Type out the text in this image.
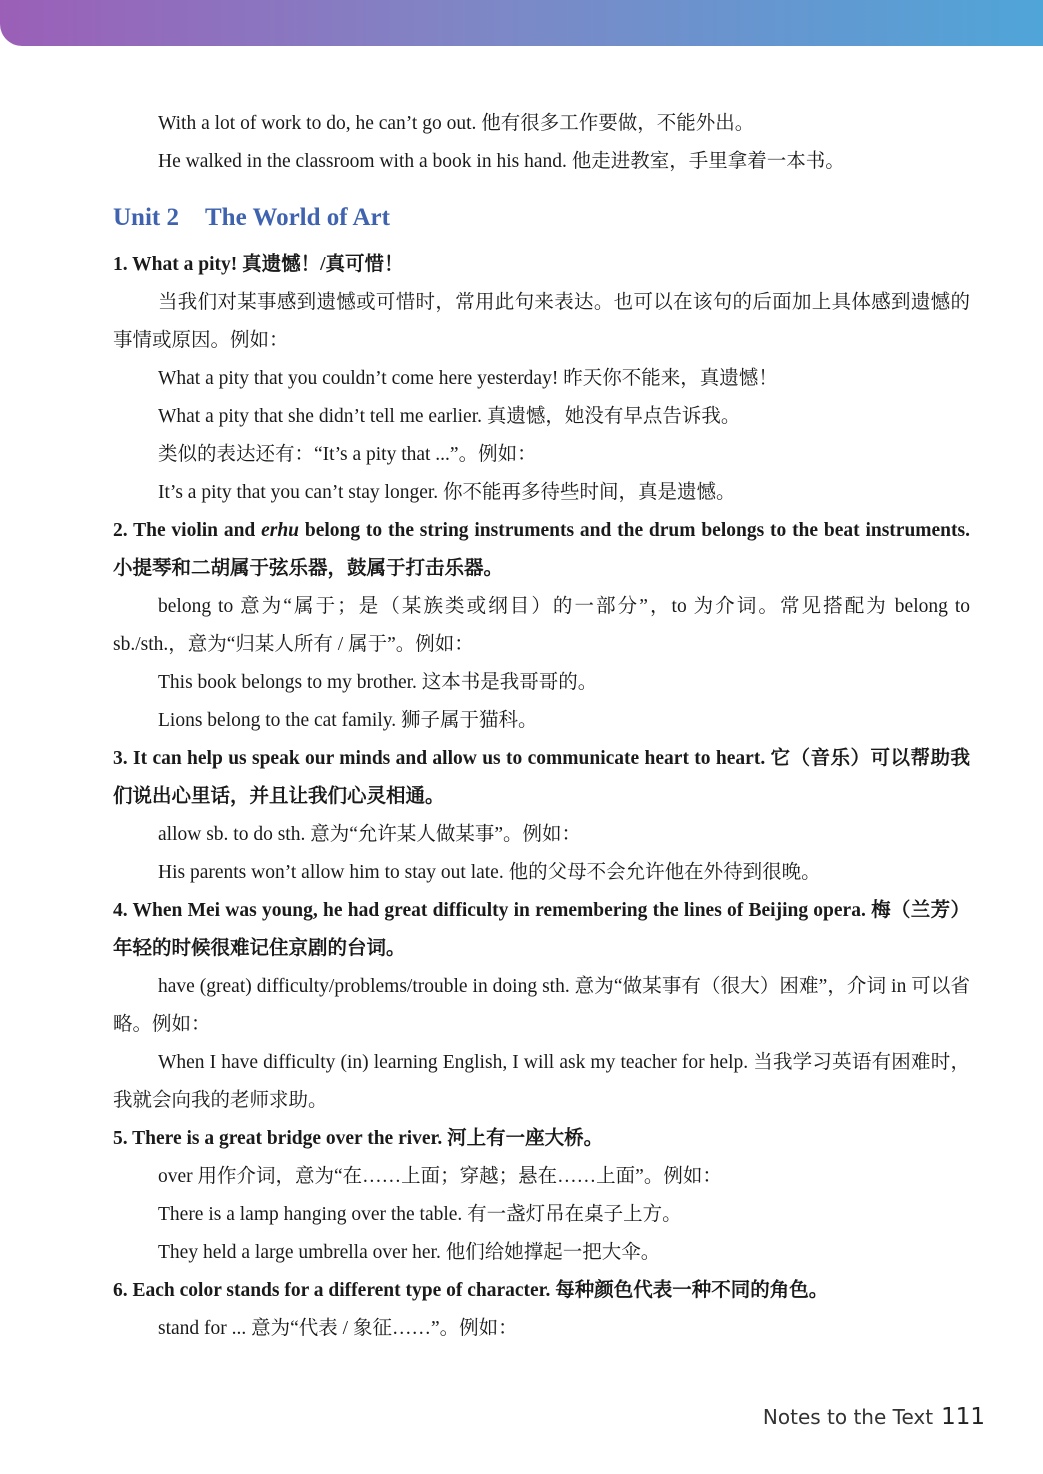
With a lot of work to do, he can’t go out. 他有很多工作要做，不能外出。

He walked in the classroom with a book in his hand. 他走进教室，手里拿着一本书。

Unit 2 The World of Art

1. What a pity! 真遗憾！/真可惜！

当我们对某事感到遗憾或可惜时，常用此句来表达。也可以在该句的后面加上具体感到遗憾的事情或原因。例如：

What a pity that you couldn’t come here yesterday! 昨天你不能来，真遗憾！

What a pity that she didn’t tell me earlier. 真遗憾，她没有早点告诉我。

类似的表达还有：“It’s a pity that ...”。例如：

It’s a pity that you can’t stay longer. 你不能再多待些时间，真是遗憾。

2. The violin and erhu belong to the string instruments and the drum belongs to the beat instruments. 小提琴和二胡属于弦乐器，鼓属于打击乐器。

belong to 意为“属于；是（某族类或纲目）的一部分”，to 为介词。常见搭配为 belong to sb./sth.，意为“归某人所有 / 属于”。例如：

This book belongs to my brother. 这本书是我哥哥的。

Lions belong to the cat family. 狮子属于猫科。

3. It can help us speak our minds and allow us to communicate heart to heart. 它（音乐）可以帮助我们说出心里话，并且让我们心灵相通。

allow sb. to do sth. 意为“允许某人做某事”。例如：

His parents won’t allow him to stay out late. 他的父母不会允许他在外待到很晚。

4. When Mei was young, he had great difficulty in remembering the lines of Beijing opera. 梅（兰芳）年轻的时候很难记住京剧的台词。

have (great) difficulty/problems/trouble in doing sth. 意为“做某事有（很大）困难”，介词 in 可以省略。例如：

When I have difficulty (in) learning English, I will ask my teacher for help. 当我学习英语有困难时，我就会向我的老师求助。

5. There is a great bridge over the river. 河上有一座大桥。

over 用作介词，意为“在……上面；穿越；悬在……上面”。例如：

There is a lamp hanging over the table. 有一盏灯吊在桌子上方。

They held a large umbrella over her. 他们给她撑起一把大伞。

6. Each color stands for a different type of character. 每种颜色代表一种不同的角色。

stand for ... 意为“代表 / 象征……”。例如：

Notes to the Text 111
